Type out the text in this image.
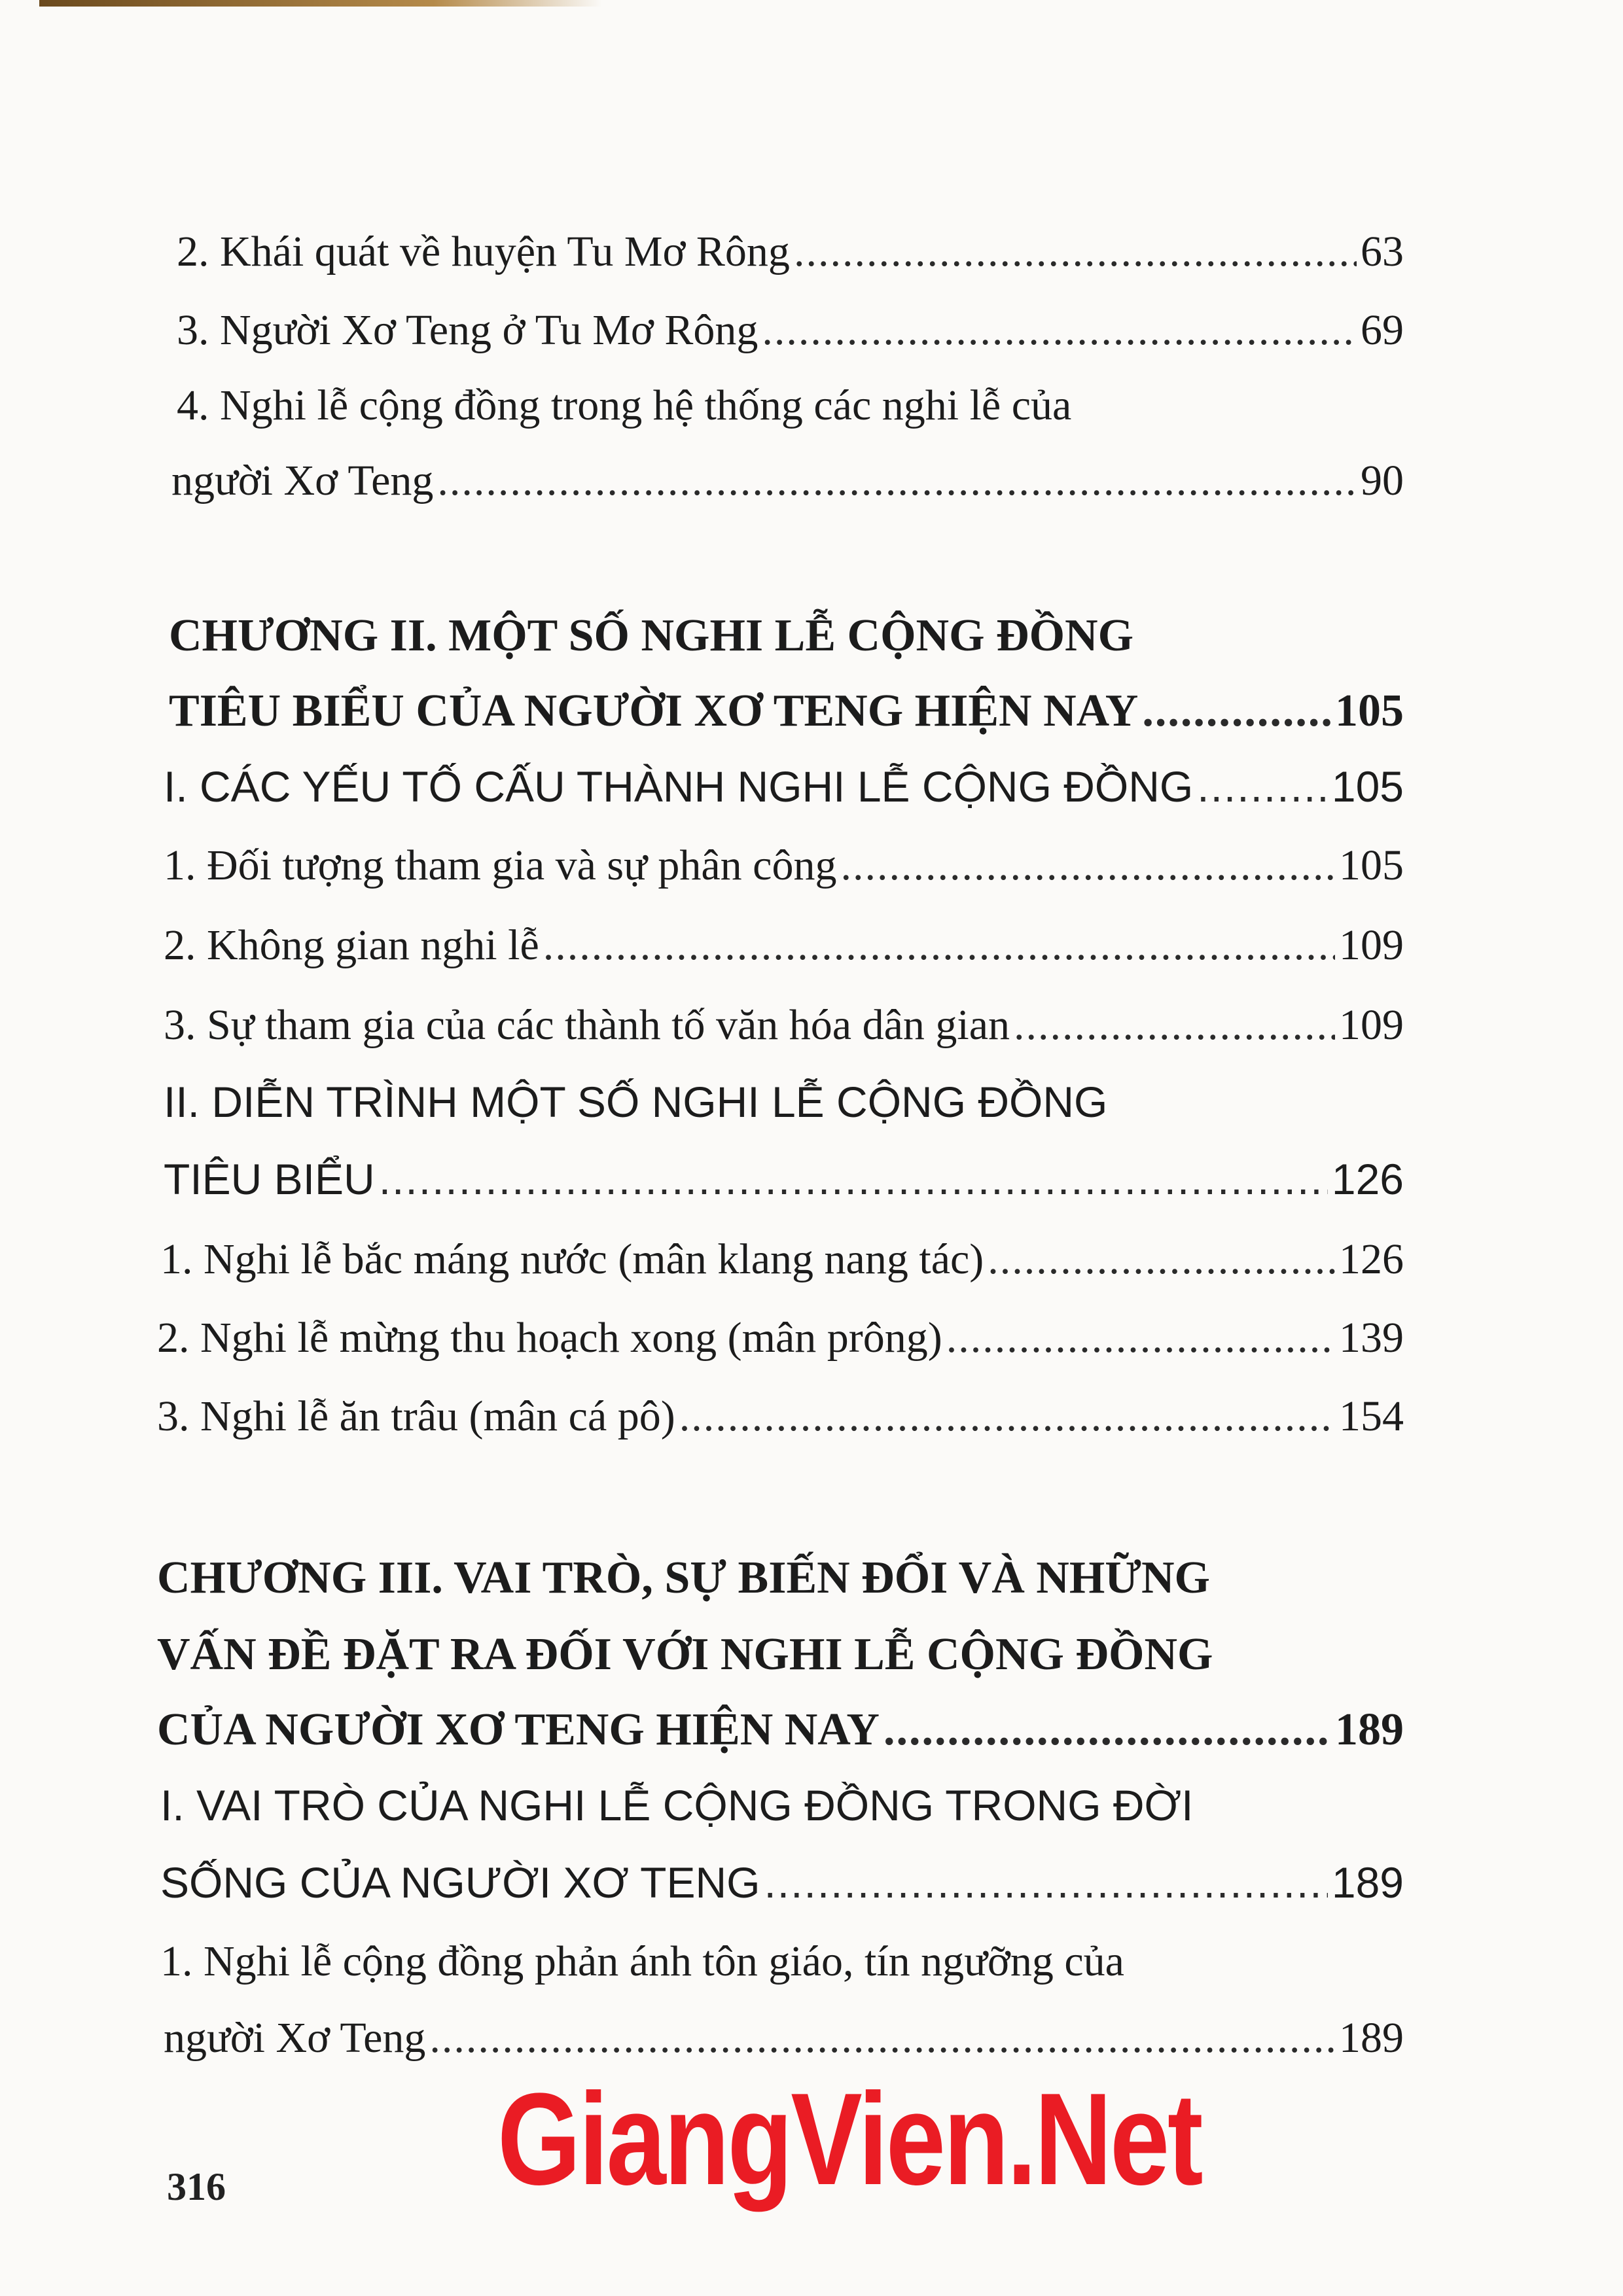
2. Khái quát về huyện Tu Mơ Rông .....	63
3. Người Xơ Teng ở Tu Mơ Rông .....	69
4. Nghi lễ cộng đồng trong hệ thống các nghi lễ của
người Xơ Teng .....	90
CHƯƠNG II. MỘT SỐ NGHI LỄ CỘNG ĐỒNG
TIÊU BIỂU CỦA NGƯỜI XƠ TENG HIỆN NAY .....	105
I. CÁC YẾU TỐ CẤU THÀNH NGHI LỄ CỘNG ĐỒNG .....	105
1. Đối tượng tham gia và sự phân công .....	105
2. Không gian nghi lễ .....	109
3. Sự tham gia của các thành tố văn hóa dân gian .....	109
II. DIỄN TRÌNH MỘT SỐ NGHI LỄ CỘNG ĐỒNG
TIÊU BIỂU .....	126
1. Nghi lễ bắc máng nước (mân klang nang tác) .....	126
2. Nghi lễ mừng thu hoạch xong (mân prông) .....	139
3. Nghi lễ ăn trâu (mân cá pô) .....	154
CHƯƠNG III. VAI TRÒ, SỰ BIẾN ĐỔI VÀ NHỮNG
VẤN ĐỀ ĐẶT RA ĐỐI VỚI NGHI LỄ CỘNG ĐỒNG
CỦA NGƯỜI XƠ TENG HIỆN NAY .....	189
I. VAI TRÒ CỦA NGHI LỄ CỘNG ĐỒNG TRONG ĐỜI
SỐNG CỦA NGƯỜI XƠ TENG .....	189
1. Nghi lễ cộng đồng phản ánh tôn giáo, tín ngưỡng của
người Xơ Teng .....	189
GiangVien.Net
316
